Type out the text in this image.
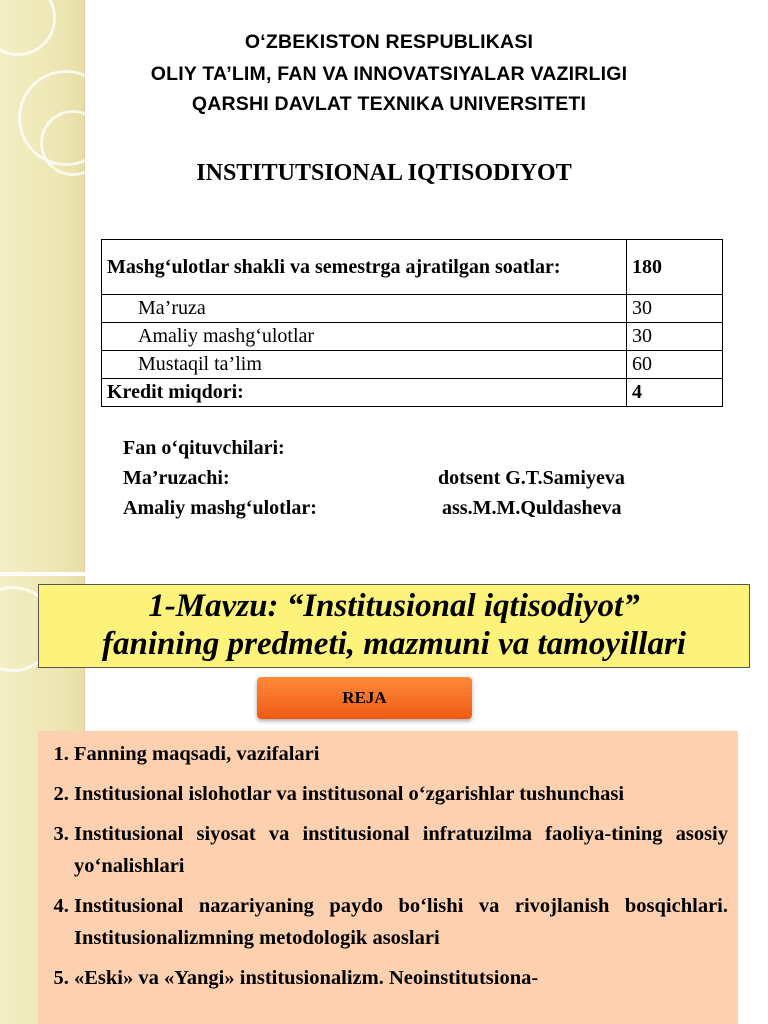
O‘ZBEKISTON RESPUBLIKASI
OLIY TA’LIM, FAN VA INNOVATSIYALAR VAZIRLIGI
QARSHI DAVLAT TEXNIKA UNIVERSITETI
INSTITUTSIONAL IQTISODIYOT
Mashg‘ulotlar shakli va semestrga ajratilgan soatlar:	180
Ma’ruza	30
Amaliy mashg‘ulotlar	30
Mustaqil ta’lim	60
Kredit miqdori:	4
Fan o‘qituvchilari:
Ma’ruzachi:	dotsent G.T.Samiyeva
Amaliy mashg‘ulotlar:	ass.M.M.Quldasheva
1-Mavzu: “Institusional iqtisodiyot”
fanining predmeti, mazmuni va tamoyillari
REJA
1. Fanning maqsadi, vazifalari
2. Institusional islohotlar va institusonal o‘zgarishlar tushunchasi
3. Institusional siyosat va institusional infratuzilma faoliya-tining asosiy yo‘nalishlari
4. Institusional nazariyaning paydo bo‘lishi va rivojlanish bosqichlari. Institusionalizmning metodologik asoslari
5. «Eski» va «Yangi» institusionalizm. Neoinstitutsiona-
